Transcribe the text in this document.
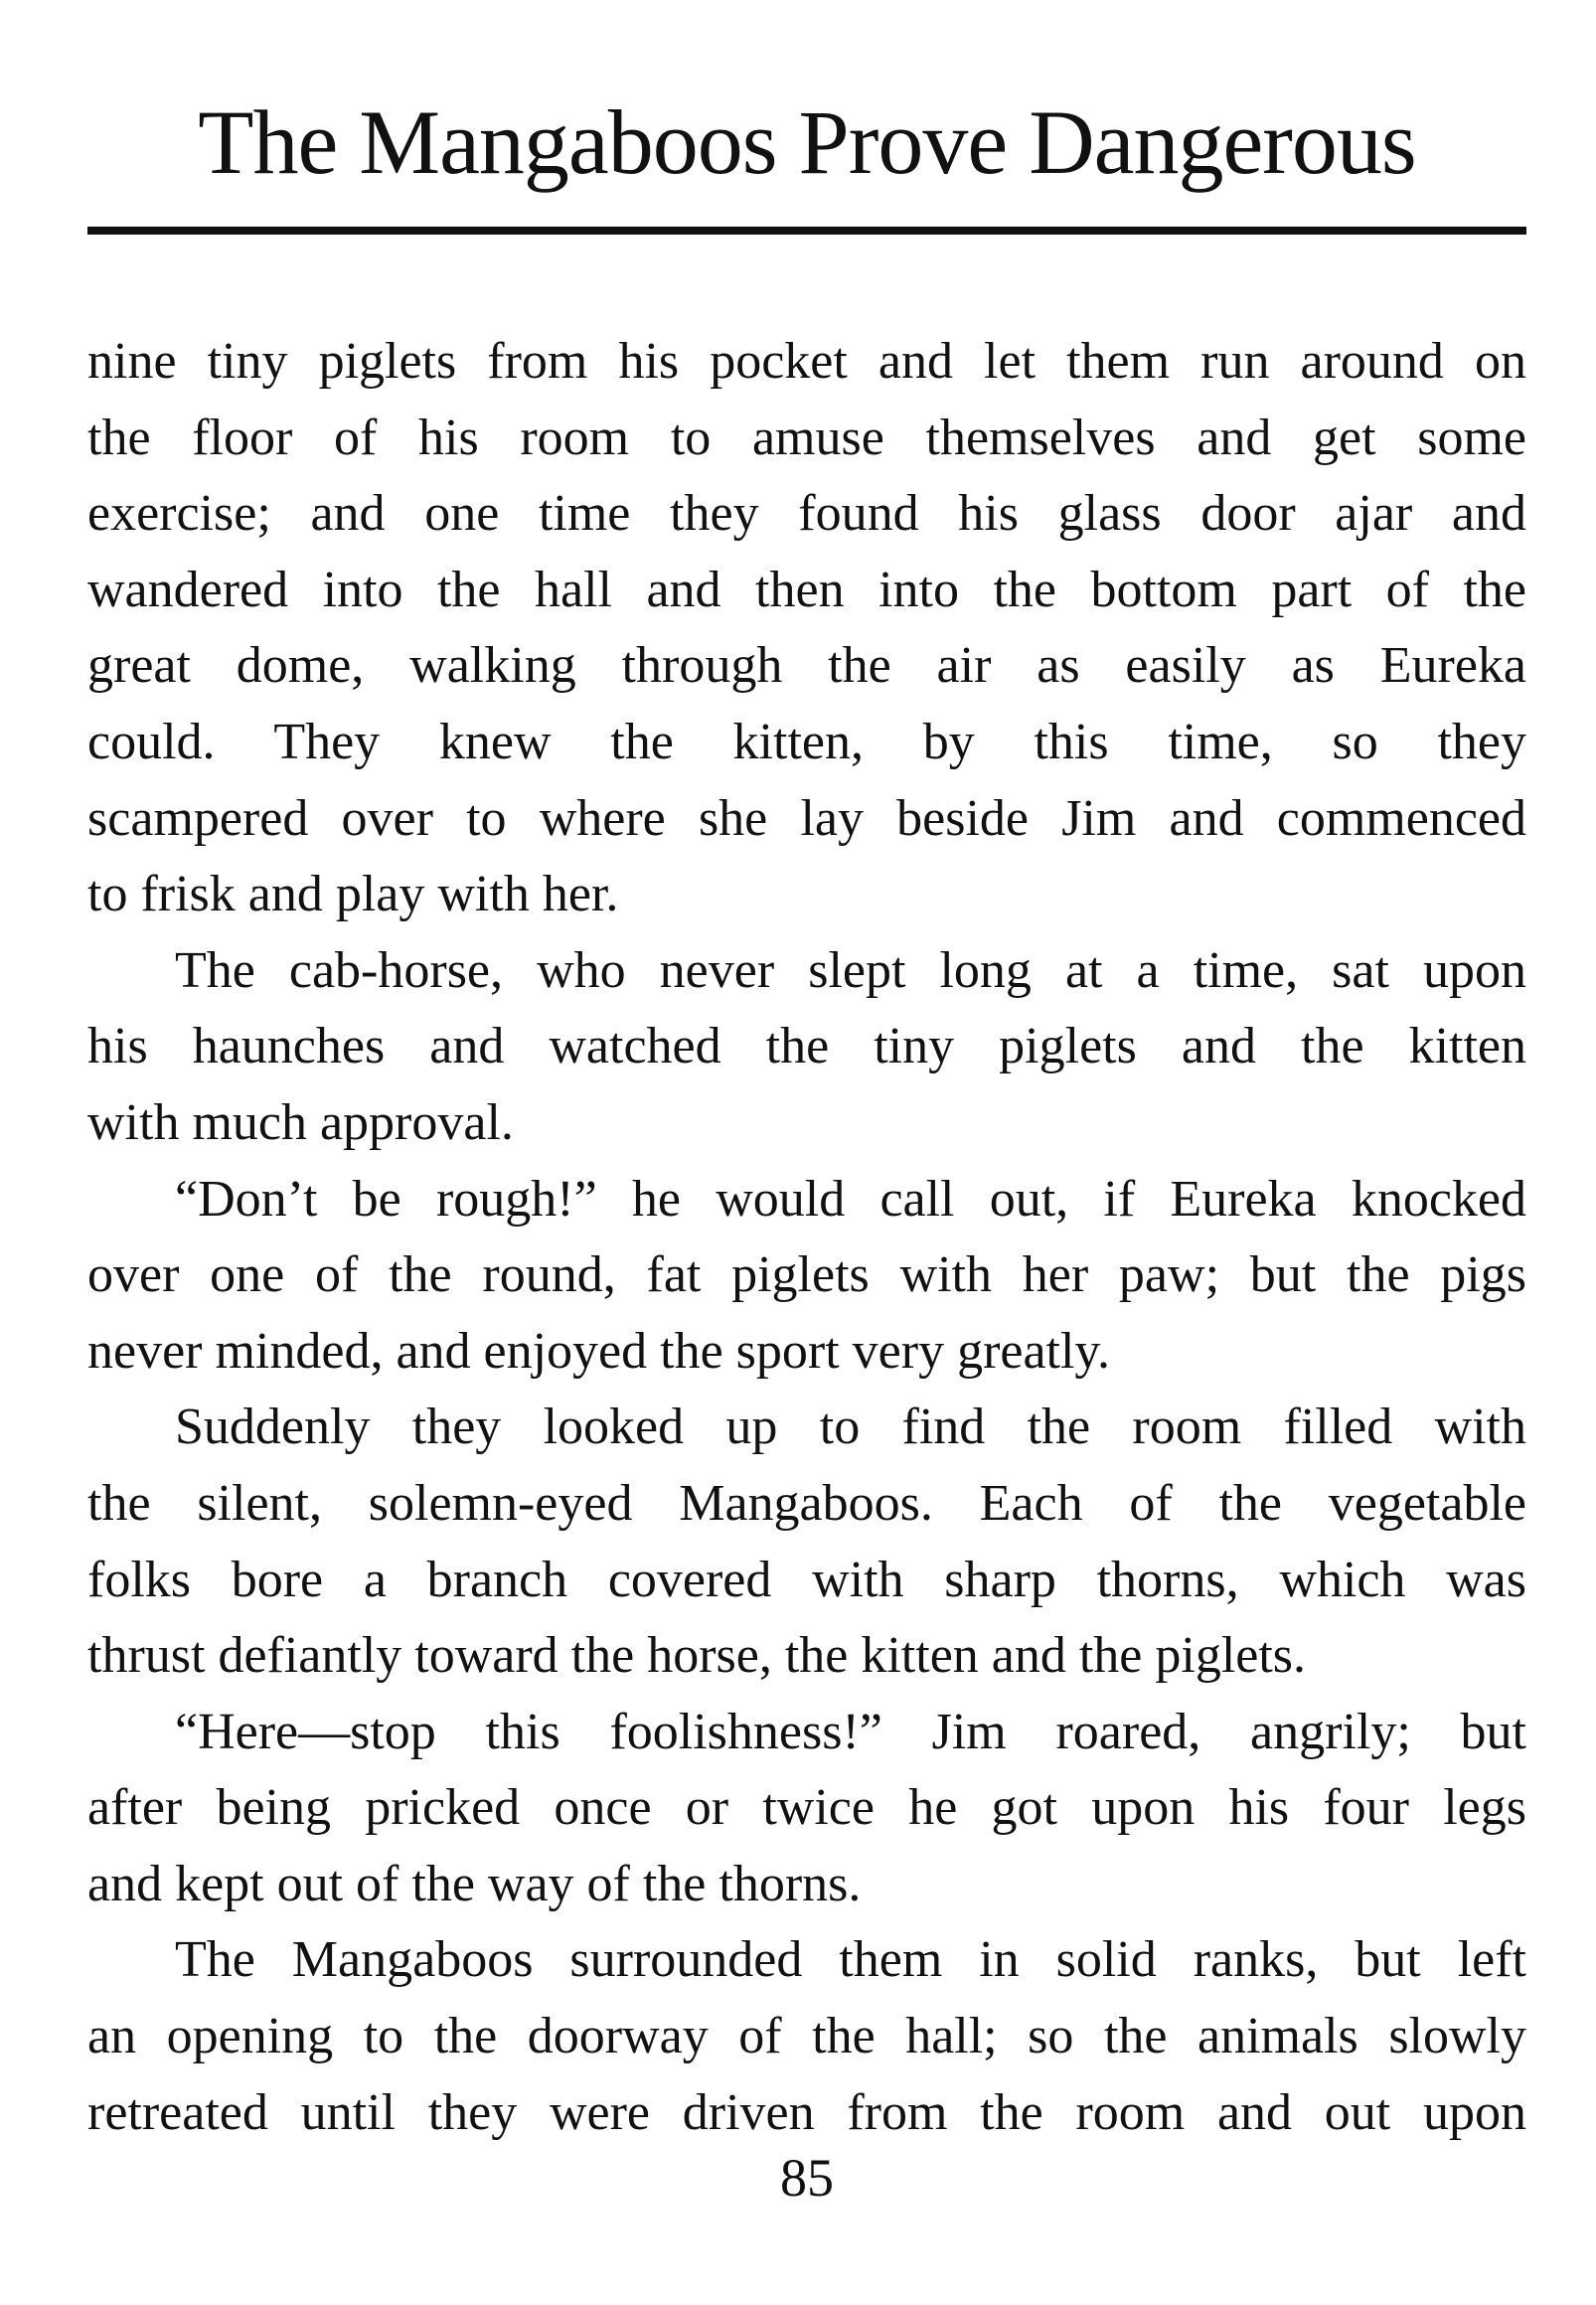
The Mangaboos Prove Dangerous
nine tiny piglets from his pocket and let them run around on
the floor of his room to amuse themselves and get some
exercise; and one time they found his glass door ajar and
wandered into the hall and then into the bottom part of the
great dome, walking through the air as easily as Eureka
could. They knew the kitten, by this time, so they
scampered over to where she lay beside Jim and commenced
to frisk and play with her.
The cab-horse, who never slept long at a time, sat upon
his haunches and watched the tiny piglets and the kitten
with much approval.
“Don’t be rough!” he would call out, if Eureka knocked
over one of the round, fat piglets with her paw; but the pigs
never minded, and enjoyed the sport very greatly.
Suddenly they looked up to find the room filled with
the silent, solemn-eyed Mangaboos. Each of the vegetable
folks bore a branch covered with sharp thorns, which was
thrust defiantly toward the horse, the kitten and the piglets.
“Here—stop this foolishness!” Jim roared, angrily; but
after being pricked once or twice he got upon his four legs
and kept out of the way of the thorns.
The Mangaboos surrounded them in solid ranks, but left
an opening to the doorway of the hall; so the animals slowly
retreated until they were driven from the room and out upon
85
